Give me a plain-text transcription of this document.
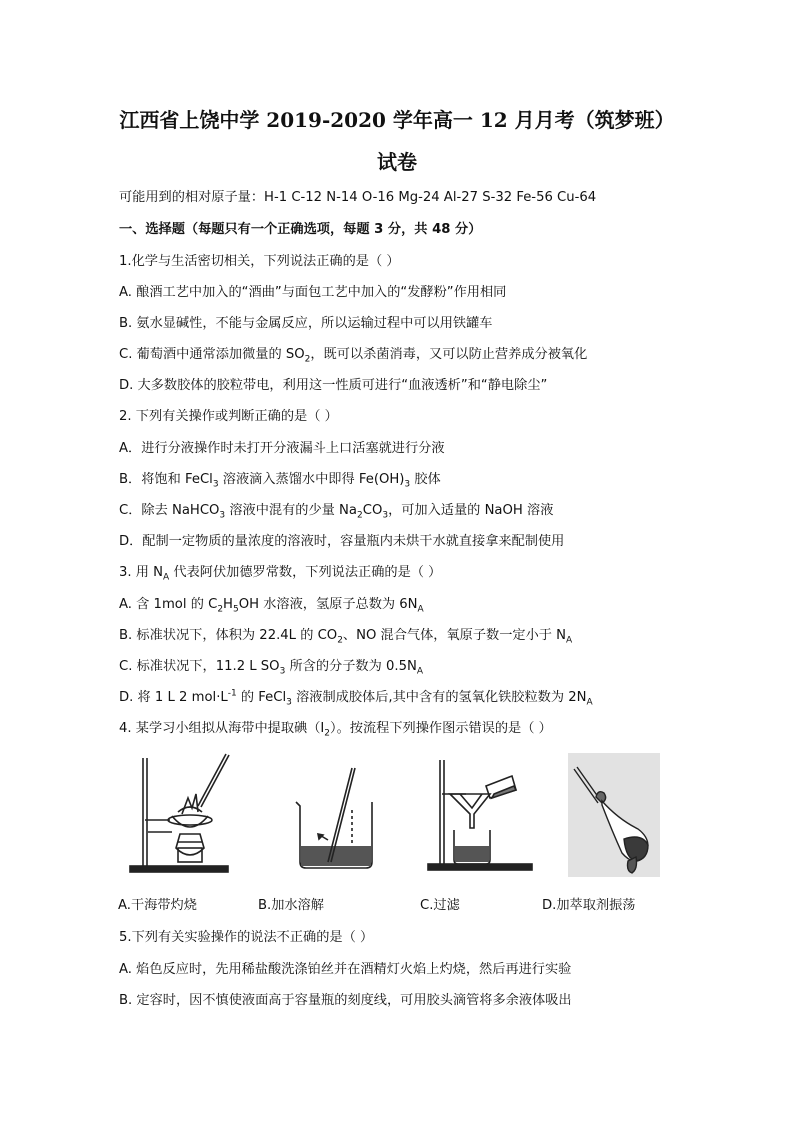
江西省上饶中学 2019-2020 学年高一 12 月月考（筑梦班）
试卷
可能用到的相对原子量：H-1 C-12 N-14 O-16 Mg-24 Al-27 S-32 Fe-56 Cu-64
一、选择题（每题只有一个正确选项，每题 3 分，共 48 分）
1.化学与生活密切相关，下列说法正确的是（ ）
A. 酿酒工艺中加入的“酒曲”与面包工艺中加入的“发酵粉”作用相同
B. 氨水显碱性，不能与金属反应，所以运输过程中可以用铁罐车
C. 葡萄酒中通常添加微量的 $SO_2$，既可以杀菌消毒，又可以防止营养成分被氧化
D. 大多数胶体的胶粒带电，利用这一性质可进行“血液透析”和“静电除尘”
2. 下列有关操作或判断正确的是（ ）
A．进行分液操作时未打开分液漏斗上口活塞就进行分液
B．将饱和 FeCl$_3$ 溶液滴入蒸馏水中即得 $Fe(OH)_3$ 胶体
C．除去 NaHCO$_3$ 溶液中混有的少量 $Na_2CO_3$，可加入适量的 NaOH 溶液
D．配制一定物质的量浓度的溶液时，容量瓶内未烘干水就直接拿来配制使用
3. 用 $N_A$ 代表阿伏加德罗常数，下列说法正确的是（ ）
A. 含 1mol 的 $C_2H_5OH$ 水溶液，氢原子总数为 $6N_A$
B. 标准状况下，体积为 22.4L 的 $CO_2$、NO 混合气体，氧原子数一定小于 $N_A$
C. 标准状况下，11.2 L $SO_3$ 所含的分子数为 $0.5N_A$
D. 将 1 L 2 $mol\cdot L^{-1}$ 的 FeCl$_3$ 溶液制成胶体后,其中含有的氢氧化铁胶粒数为 $2N_A$
4. 某学习小组拟从海带中提取碘$(I_2)$。按流程下列操作图示错误的是（ ）
A.干海带灼烧	B.加水溶解	C.过滤	D.加萃取剂振荡
5.下列有关实验操作的说法不正确的是（ ）
A. 焰色反应时，先用稀盐酸洗涤铂丝并在酒精灯火焰上灼烧，然后再进行实验
B. 定容时，因不慎使液面高于容量瓶的刻度线，可用胶头滴管将多余液体吸出
